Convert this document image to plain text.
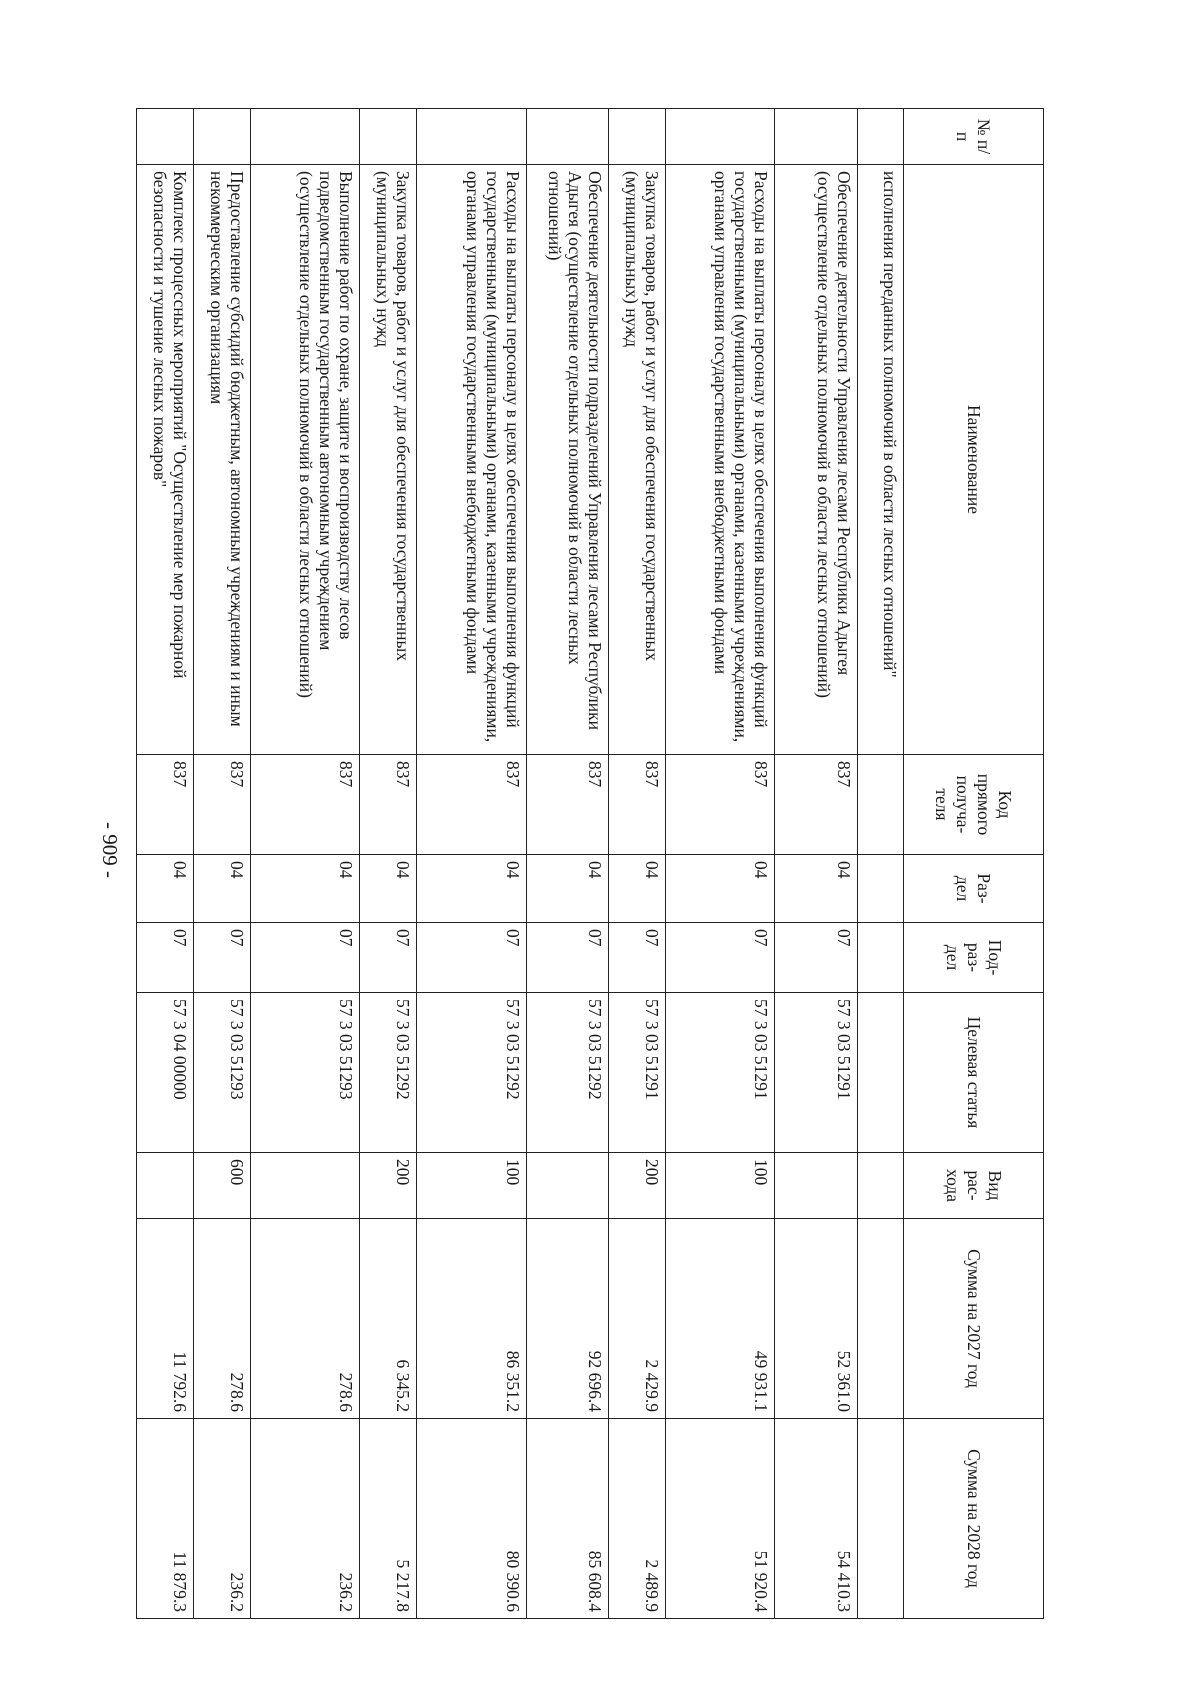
- 909 -
№ п/п	Наименование	Код прямого получа- теля	Раз- дел	Под- раз- дел	Целевая статья	Вид рас- хода	Сумма на 2027 год	Сумма на 2028 год
	исполнения переданных полномочий в области лесных отношений"							
	Обеспечение деятельности Управления лесами Республики Адыгея (осуществление отдельных полномочий в области лесных отношений)	837	04	07	57 3 03 51291		52 361.0	54 410.3
	Расходы на выплаты персоналу в целях обеспечения выполнения функций государственными (муниципальными) органами, казенными учреждениями, органами управления государственными внебюджетными фондами	837	04	07	57 3 03 51291	100	49 931.1	51 920.4
	Закупка товаров, работ и услуг для обеспечения государственных (муниципальных) нужд	837	04	07	57 3 03 51291	200	2 429.9	2 489.9
	Обеспечение деятельности подразделений Управления лесами Республики Адыгея (осуществление отдельных полномочий в области лесных отношений)	837	04	07	57 3 03 51292		92 696.4	85 608.4
	Расходы на выплаты персоналу в целях обеспечения выполнения функций государственными (муниципальными) органами, казенными учреждениями, органами управления государственными внебюджетными фондами	837	04	07	57 3 03 51292	100	86 351.2	80 390.6
	Закупка товаров, работ и услуг для обеспечения государственных (муниципальных) нужд	837	04	07	57 3 03 51292	200	6 345.2	5 217.8
	Выполнение работ по охране, защите и воспроизводству лесов подведомственным государственным автономным учреждением (осуществление отдельных полномочий в области лесных отношений)	837	04	07	57 3 03 51293		278.6	236.2
	Предоставление субсидий бюджетным, автономным учреждениям и иным некоммерческим организациям	837	04	07	57 3 03 51293	600	278.6	236.2
	Комплекс процессных мероприятий "Осуществление мер пожарной безопасности и тушение лесных пожаров"	837	04	07	57 3 04 00000		11 792.6	11 879.3
